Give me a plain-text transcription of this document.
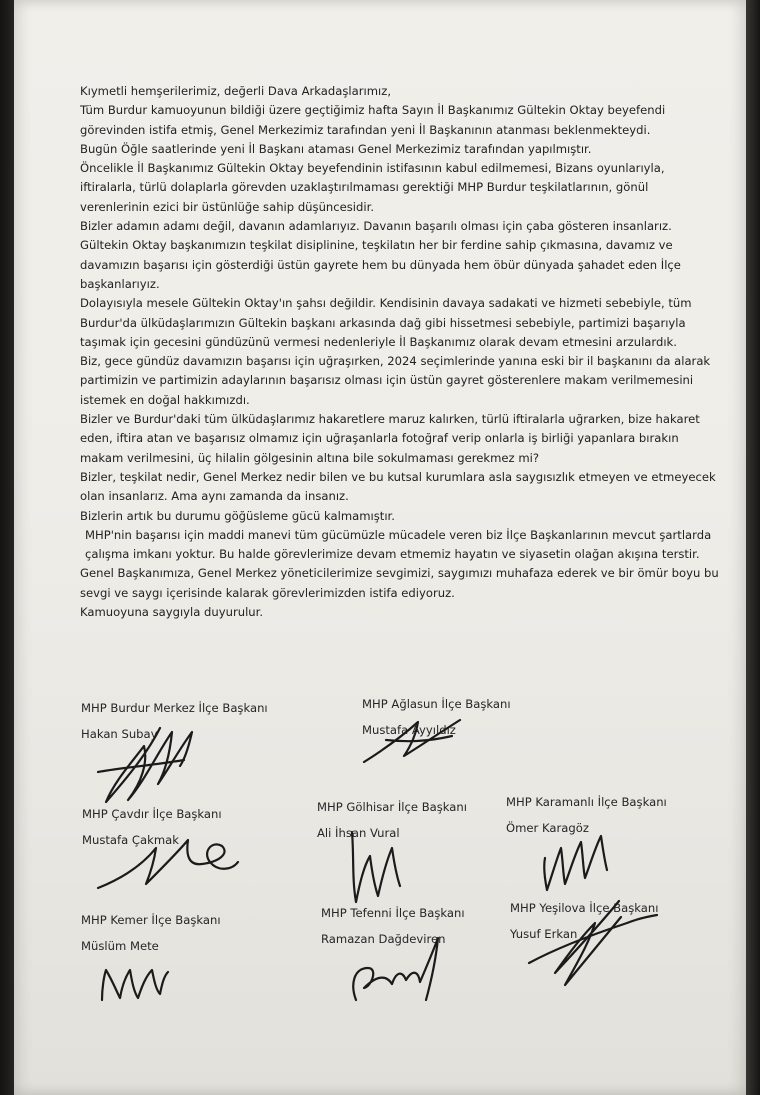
Kıymetli hemşerilerimiz, değerli Dava Arkadaşlarımız,
Tüm Burdur kamuoyunun bildiği üzere geçtiğimiz hafta Sayın İl Başkanımız Gültekin Oktay beyefendi görevinden istifa etmiş, Genel Merkezimiz tarafından yeni İl Başkanının atanması beklenmekteydi.
Bugün Öğle saatlerinde yeni İl Başkanı ataması Genel Merkezimiz tarafından yapılmıştır.
Öncelikle İl Başkanımız Gültekin Oktay beyefendinin istifasının kabul edilmemesi, Bizans oyunlarıyla, iftiralarla, türlü dolaplarla görevden uzaklaştırılmaması gerektiği MHP Burdur teşkilatlarının, gönül verenlerinin ezici bir üstünlüğe sahip düşüncesidir.
Bizler adamın adamı değil, davanın adamlarıyız. Davanın başarılı olması için çaba gösteren insanlarız.
Gültekin Oktay başkanımızın teşkilat disiplinine, teşkilatın her bir ferdine sahip çıkmasına, davamız ve davamızın başarısı için gösterdiği üstün gayrete hem bu dünyada hem öbür dünyada şahadet eden İlçe başkanlarıyız.
Dolayısıyla mesele Gültekin Oktay'ın şahsı değildir. Kendisinin davaya sadakati ve hizmeti sebebiyle, tüm Burdur'da ülküdaşlarımızın Gültekin başkanı arkasında dağ gibi hissetmesi sebebiyle, partimizi başarıyla taşımak için gecesini gündüzünü vermesi nedenleriyle İl Başkanımız olarak devam etmesini arzulardık.
Biz, gece gündüz davamızın başarısı için uğraşırken, 2024 seçimlerinde yanına eski bir il başkanını da alarak partimizin ve partimizin adaylarının başarısız olması için üstün gayret gösterenlere makam verilmemesini istemek en doğal hakkımızdı.
Bizler ve Burdur'daki tüm ülküdaşlarımız hakaretlere maruz kalırken, türlü iftiralarla uğrarken, bize hakaret eden, iftira atan ve başarısız olmamız için uğraşanlarla fotoğraf verip onlarla iş birliği yapanlara bırakın makam verilmesini, üç hilalin gölgesinin altına bile sokulmaması gerekmez mi?
Bizler, teşkilat nedir, Genel Merkez nedir bilen ve bu kutsal kurumlara asla saygısızlık etmeyen ve etmeyecek olan insanlarız. Ama aynı zamanda da insanız.
Bizlerin artık bu durumu göğüsleme gücü kalmamıştır.
MHP'nin başarısı için maddi manevi tüm gücümüzle mücadele veren biz İlçe Başkanlarının mevcut şartlarda çalışma imkanı yoktur. Bu halde görevlerimize devam etmemiz hayatın ve siyasetin olağan akışına terstir.
Genel Başkanımıza, Genel Merkez yöneticilerimize sevgimizi, saygımızı muhafaza ederek ve bir ömür boyu bu sevgi ve saygı içerisinde kalarak görevlerimizden istifa ediyoruz.
Kamuoyuna saygıyla duyurulur.
MHP Burdur Merkez İlçe Başkanı
Hakan Subay
MHP Ağlasun İlçe Başkanı
Mustafa Ayyıldız
MHP Çavdır İlçe Başkanı
Mustafa Çakmak
MHP Gölhisar İlçe Başkanı
Ali İhsan Vural
MHP Karamanlı İlçe Başkanı
Ömer Karagöz
MHP Kemer İlçe Başkanı
Müslüm Mete
MHP Tefenni İlçe Başkanı
Ramazan Dağdeviren
MHP Yeşilova İlçe Başkanı
Yusuf Erkan
